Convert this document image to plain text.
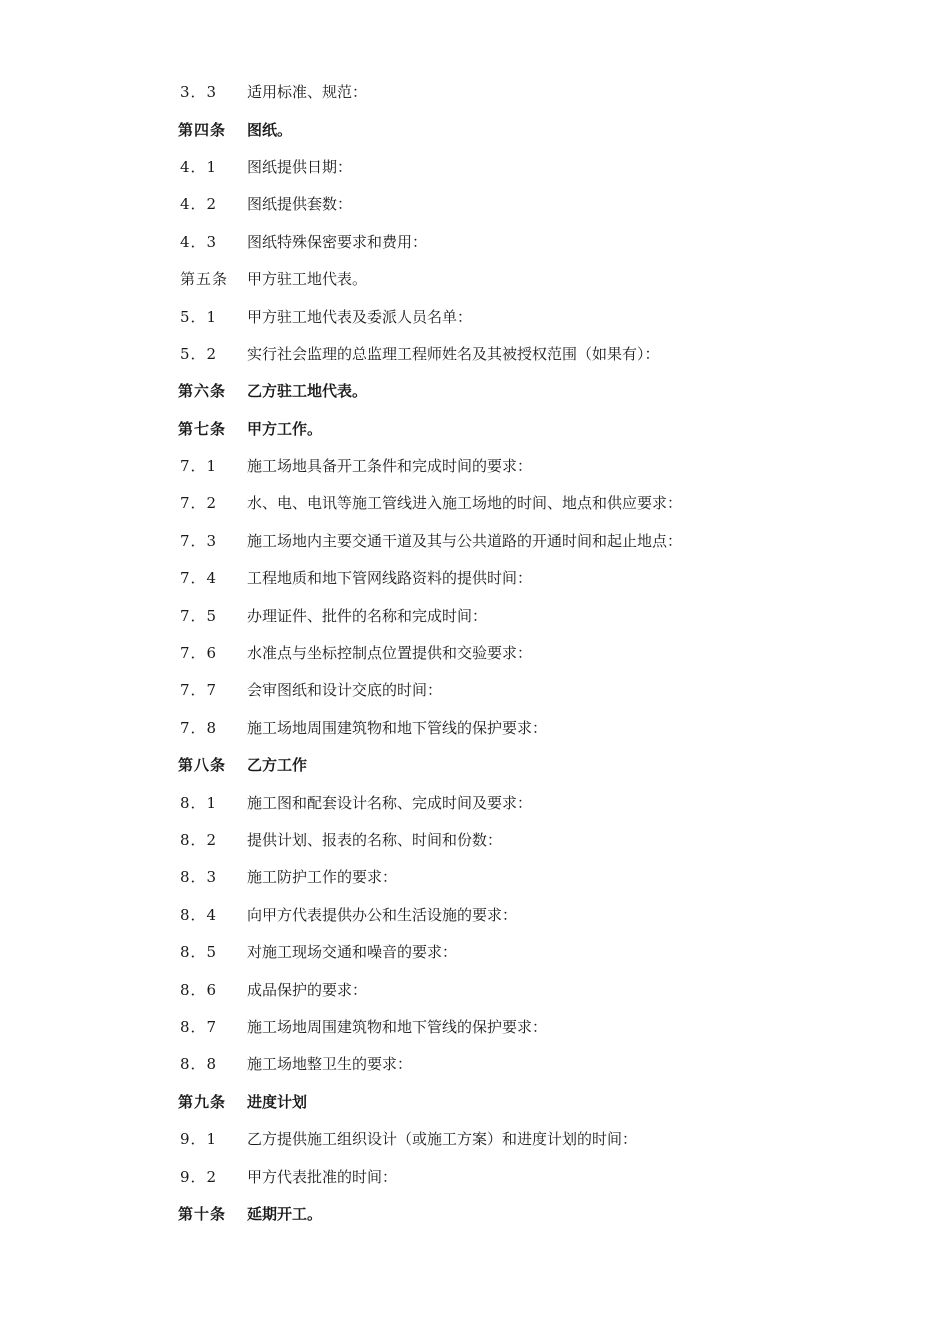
3．3	适用标准、规范：
第四条	图纸。
4．1	图纸提供日期：
4．2	图纸提供套数：
4．3	图纸特殊保密要求和费用：
第五条	甲方驻工地代表。
5．1	甲方驻工地代表及委派人员名单：
5．2	实行社会监理的总监理工程师姓名及其被授权范围（如果有）：
第六条	乙方驻工地代表。
第七条	甲方工作。
7．1	施工场地具备开工条件和完成时间的要求：
7．2	水、电、电讯等施工管线进入施工场地的时间、地点和供应要求：
7．3	施工场地内主要交通干道及其与公共道路的开通时间和起止地点：
7．4	工程地质和地下管网线路资料的提供时间：
7．5	办理证件、批件的名称和完成时间：
7．6	水准点与坐标控制点位置提供和交验要求：
7．7	会审图纸和设计交底的时间：
7．8	施工场地周围建筑物和地下管线的保护要求：
第八条	乙方工作
8．1	施工图和配套设计名称、完成时间及要求：
8．2	提供计划、报表的名称、时间和份数：
8．3	施工防护工作的要求：
8．4	向甲方代表提供办公和生活设施的要求：
8．5	对施工现场交通和噪音的要求：
8．6	成品保护的要求：
8．7	施工场地周围建筑物和地下管线的保护要求：
8．8	施工场地整卫生的要求：
第九条	进度计划
9．1	乙方提供施工组织设计（或施工方案）和进度计划的时间：
9．2	甲方代表批准的时间：
第十条	延期开工。
